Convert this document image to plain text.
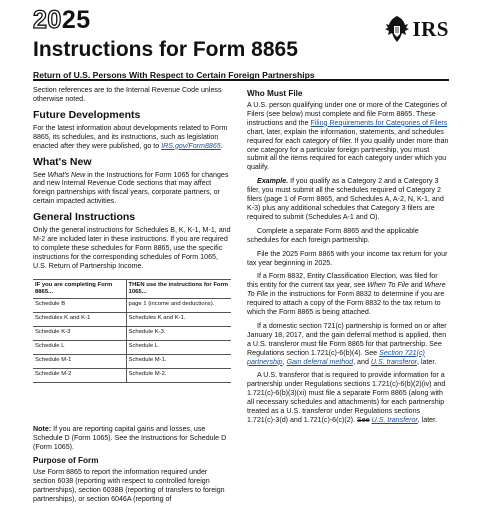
2025
Instructions for Form 8865
Return of U.S. Persons With Respect to Certain Foreign Partnerships
IRS

Section references are to the Internal Revenue Code unless otherwise noted.

Future Developments

For the latest information about developments related to Form 8865, its schedules, and its instructions, such as legislation enacted after they were published, go to IRS.gov/Form8865.

What's New

See What's New in the Instructions for Form 1065 for changes and new Internal Revenue Code sections that may affect foreign partnerships with fiscal years, corporate partners, or certain impacted activities.

General Instructions

Only the general instructions for Schedules B, K, K-1, M-1, and M-2 are included later in these instructions. If you are required to complete these schedules for Form 8865, use the specific instructions for the corresponding schedules of Form 1065, U.S. Return of Partnership Income.

IF you are completing Form 8865...	THEN use the instructions for Form 1065...
Schedule B	page 1 (income and deductions).
Schedules K and K-1	Schedules K and K-1.
Schedule K-3	Schedule K-3.
Schedule L	Schedule L.
Schedule M-1	Schedule M-1.
Schedule M-2	Schedule M-2.

Note: If you are reporting capital gains and losses, use Schedule D (Form 1065). See the Instructions for Schedule D (Form 1065).

Purpose of Form

Use Form 8865 to report the information required under section 6038 (reporting with respect to controlled foreign partnerships), section 6038B (reporting of transfers to foreign partnerships), or section 6046A (reporting of

Who Must File

A U.S. person qualifying under one or more of the Categories of Filers (see below) must complete and file Form 8865. These instructions and the Filing Requirements for Categories of Filers chart, later, explain the information, statements, and schedules required for each category of filer. If you qualify under more than one category for a particular foreign partnership, you must submit all the items required for each category under which you qualify.

Example. If you qualify as a Category 2 and a Category 3 filer, you must submit all the schedules required of Category 2 filers (page 1 of Form 8865, and Schedules A, A-2, N, K-1, and K-3) plus any additional schedules that Category 3 filers are required to submit (Schedules A-1 and O).

Complete a separate Form 8865 and the applicable schedules for each foreign partnership.

File the 2025 Form 8865 with your income tax return for your tax year beginning in 2025.

If a Form 8832, Entity Classification Election, was filed for this entity for the current tax year, see When To File and Where To File in the instructions for Form 8832 to determine if you are required to attach a copy of the Form 8832 to the tax return to which the Form 8865 is being attached.

If a domestic section 721(c) partnership is formed on or after January 18, 2017, and the gain deferral method is applied, then a U.S. transferor must file Form 8865 for that partnership. See Regulations section 1.721(c)-6(b)(4). See Section 721(c) partnership, Gain deferral method, and U.S. transferor, later.

A U.S. transferor that is required to provide information for a partnership under Regulations sections 1.721(c)-6(b)(2)(iv) and 1.721(c)-6(b)(3)(xi) must file a separate Form 8865 (along with all necessary schedules and attachments) for each partnership treated as a U.S. transferor under Regulations sections 1.721(c)-3(d) and 1.721(c)-6(c)(2). See U.S. transferor, later.
